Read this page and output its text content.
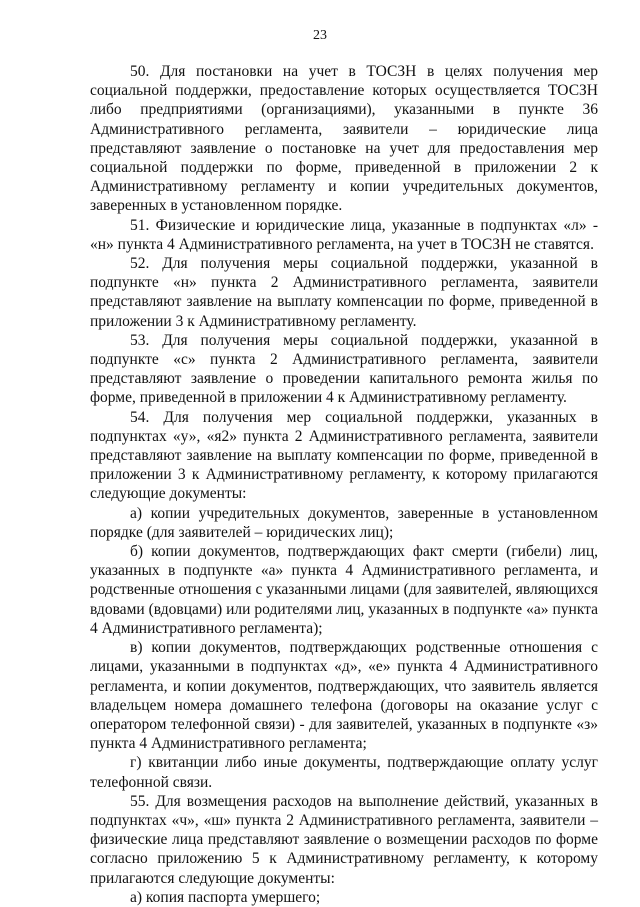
23

50. Для постановки на учет в ТОСЗН в целях получения мер социальной поддержки, предоставление которых осуществляется ТОСЗН либо предприятиями (организациями), указанными в пункте 36 Административного регламента, заявители – юридические лица представляют заявление о постановке на учет для предоставления мер социальной поддержки по форме, приведенной в приложении 2 к Административному регламенту и копии учредительных документов, заверенных в установленном порядке.

51. Физические и юридические лица, указанные в подпунктах «л» - «н» пункта 4 Административного регламента, на учет в ТОСЗН не ставятся.

52. Для получения меры социальной поддержки, указанной в подпункте «н» пункта 2 Административного регламента, заявители представляют заявление на выплату компенсации по форме, приведенной в приложении 3 к Административному регламенту.

53. Для получения меры социальной поддержки, указанной в подпункте «с» пункта 2 Административного регламента, заявители представляют заявление о проведении капитального ремонта жилья по форме, приведенной в приложении 4 к Административному регламенту.

54. Для получения мер социальной поддержки, указанных в подпунктах «у», «я2» пункта 2 Административного регламента, заявители представляют заявление на выплату компенсации по форме, приведенной в приложении 3 к Административному регламенту, к которому прилагаются следующие документы:

а) копии учредительных документов, заверенные в установленном порядке (для заявителей – юридических лиц);

б) копии документов, подтверждающих факт смерти (гибели) лиц, указанных в подпункте «а» пункта 4 Административного регламента, и родственные отношения с указанными лицами (для заявителей, являющихся вдовами (вдовцами) или родителями лиц, указанных в подпункте «а» пункта 4 Административного регламента);

в) копии документов, подтверждающих родственные отношения с лицами, указанными в подпунктах «д», «е» пункта 4 Административного регламента, и копии документов, подтверждающих, что заявитель является владельцем номера домашнего телефона (договоры на оказание услуг с оператором телефонной связи) - для заявителей, указанных в подпункте «з» пункта 4 Административного регламента;

г) квитанции либо иные документы, подтверждающие оплату услуг телефонной связи.

55. Для возмещения расходов на выполнение действий, указанных в подпунктах «ч», «ш» пункта 2 Административного регламента, заявители – физические лица представляют заявление о возмещении расходов по форме согласно приложению 5 к Административному регламенту, к которому прилагаются следующие документы:

а) копия паспорта умершего;
